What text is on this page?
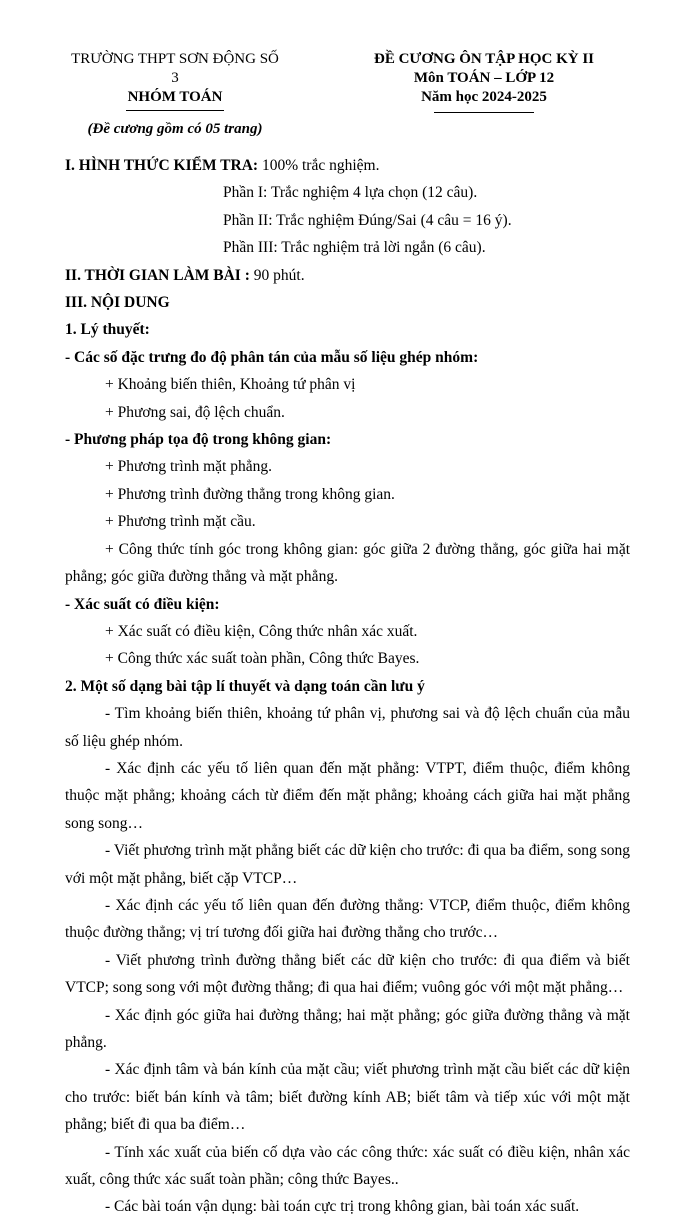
TRƯỜNG THPT SƠN ĐỘNG SỐ 3
NHÓM TOÁN
(Đề cương gồm có 05 trang)
ĐỀ CƯƠNG ÔN TẬP HỌC KỲ II
Môn TOÁN – LỚP 12
Năm học 2024-2025
I. HÌNH THỨC KIỂM TRA: 100% trắc nghiệm.
Phần I: Trắc nghiệm 4 lựa chọn (12 câu).
Phần II: Trắc nghiệm Đúng/Sai (4 câu = 16 ý).
Phần III: Trắc nghiệm trả lời ngắn (6 câu).
II. THỜI GIAN LÀM BÀI : 90 phút.
III. NỘI DUNG
1. Lý thuyết:
- Các số đặc trưng đo độ phân tán của mẫu số liệu ghép nhóm:
+ Khoảng biến thiên, Khoảng tứ phân vị
+ Phương sai, độ lệch chuẩn.
- Phương pháp tọa độ trong không gian:
+ Phương trình mặt phẳng.
+ Phương trình đường thẳng trong không gian.
+ Phương trình mặt cầu.
+ Công thức tính góc trong không gian: góc giữa 2 đường thẳng, góc giữa hai mặt phẳng; góc giữa đường thẳng và mặt phẳng.
- Xác suất có điều kiện:
+ Xác suất có điều kiện, Công thức nhân xác xuất.
+ Công thức xác suất toàn phần, Công thức Bayes.
2. Một số dạng bài tập lí thuyết và dạng toán cần lưu ý
- Tìm khoảng biến thiên, khoảng tứ phân vị, phương sai và độ lệch chuẩn của mẫu số liệu ghép nhóm.
- Xác định các yếu tố liên quan đến mặt phẳng: VTPT, điểm thuộc, điểm không thuộc mặt phẳng; khoảng cách từ điểm đến mặt phẳng; khoảng cách giữa hai mặt phẳng song song…
- Viết phương trình mặt phẳng biết các dữ kiện cho trước: đi qua ba điểm, song song với một mặt phẳng, biết cặp VTCP…
- Xác định các yếu tố liên quan đến đường thẳng: VTCP, điểm thuộc, điểm không thuộc đường thẳng; vị trí tương đối giữa hai đường thẳng cho trước…
- Viết phương trình đường thẳng biết các dữ kiện cho trước: đi qua điểm và biết VTCP; song song với một đường thẳng; đi qua hai điểm; vuông góc với một mặt phẳng…
- Xác định góc giữa hai đường thẳng; hai mặt phẳng; góc giữa đường thẳng và mặt phẳng.
- Xác định tâm và bán kính của mặt cầu; viết phương trình mặt cầu biết các dữ kiện cho trước: biết bán kính và tâm; biết đường kính AB; biết tâm và tiếp xúc với một mặt phẳng; biết đi qua ba điểm…
- Tính xác xuất của biến cố dựa vào các công thức: xác suất có điều kiện, nhân xác xuất, công thức xác suất toàn phần; công thức Bayes..
- Các bài toán vận dụng: bài toán cực trị trong không gian, bài toán xác suất.
